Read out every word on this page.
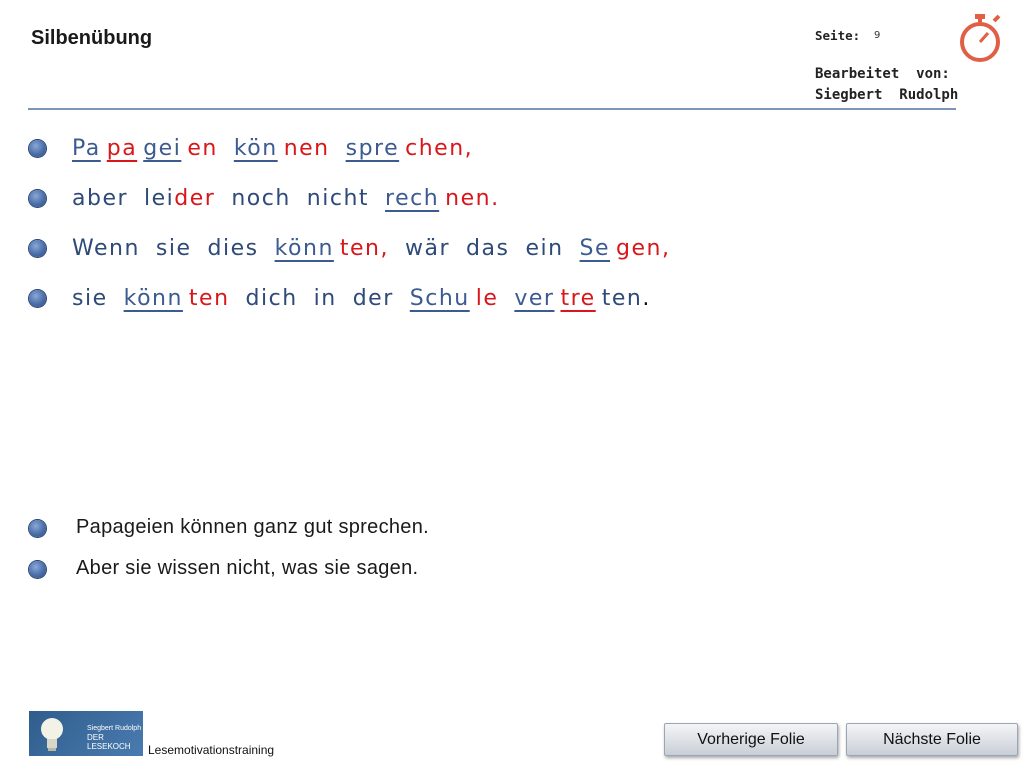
Silbenübung	Seite: 9
Bearbeitet  von:
Siegbert  Rudolph
Pa pa gei en kön nen spre chen,
aber leider noch nicht rech nen.
Wenn sie dies könn ten, wär das ein Se gen,
sie könn ten dich in der Schu le ver tre ten.
Papageien können ganz gut sprechen.
Aber sie wissen nicht, was sie sagen.
Siegbert Rudolph
DER LESEKOCH	Lesemotivationstraining
Vorherige Folie	Nächste Folie
